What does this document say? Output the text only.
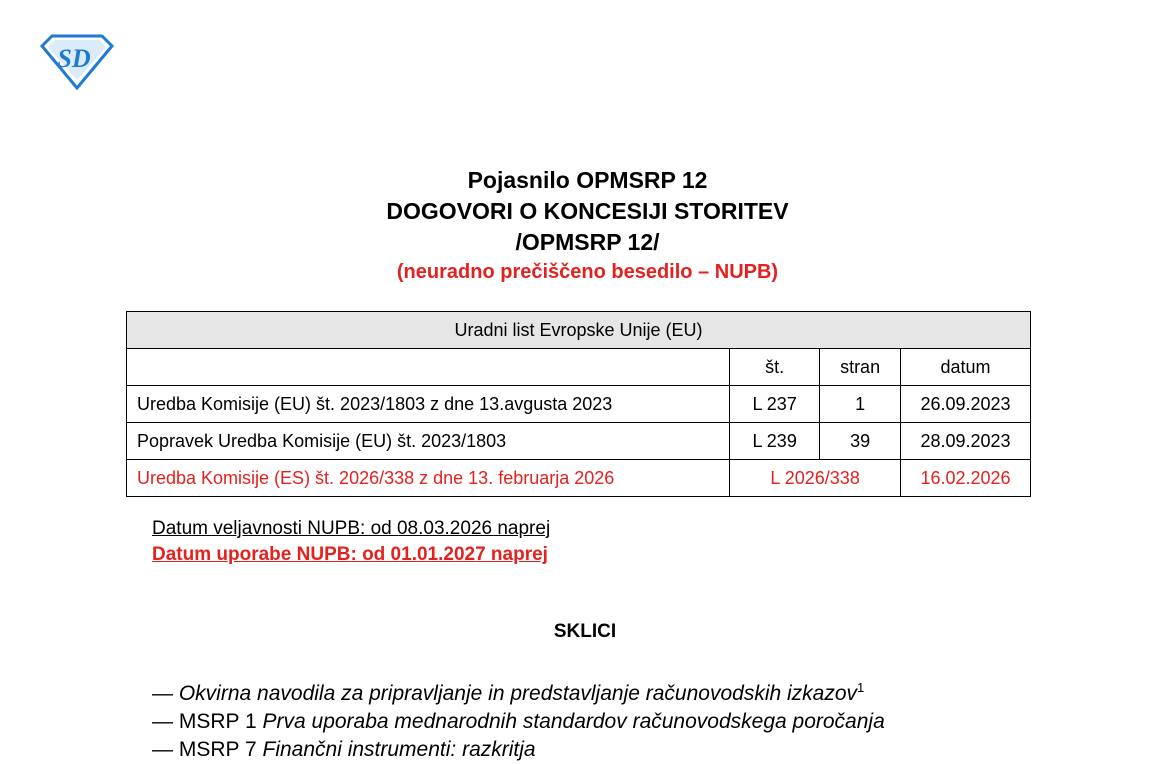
SD
Pojasnilo OPMSRP 12
DOGOVORI O KONCESIJI STORITEV
/OPMSRP 12/
(neuradno prečiščeno besedilo – NUPB)
Uradni list Evropske Unije (EU)			
	št.	stran	datum
Uredba Komisije (EU) št. 2023/1803 z dne 13.avgusta 2023	L 237	1	26.09.2023
Popravek Uredba Komisije (EU) št. 2023/1803	L 239	39	28.09.2023
Uredba Komisije (ES) št. 2026/338 z dne 13. februarja 2026	L 2026/338		16.02.2026
Datum veljavnosti NUPB: od 08.03.2026 naprej
Datum uporabe NUPB: od 01.01.2027 naprej
SKLICI
— Okvirna navodila za pripravljanje in predstavljanje računovodskih izkazov$^1$
— MSRP 1 Prva uporaba mednarodnih standardov računovodskega poročanja
— MSRP 7 Finančni instrumenti: razkritja
